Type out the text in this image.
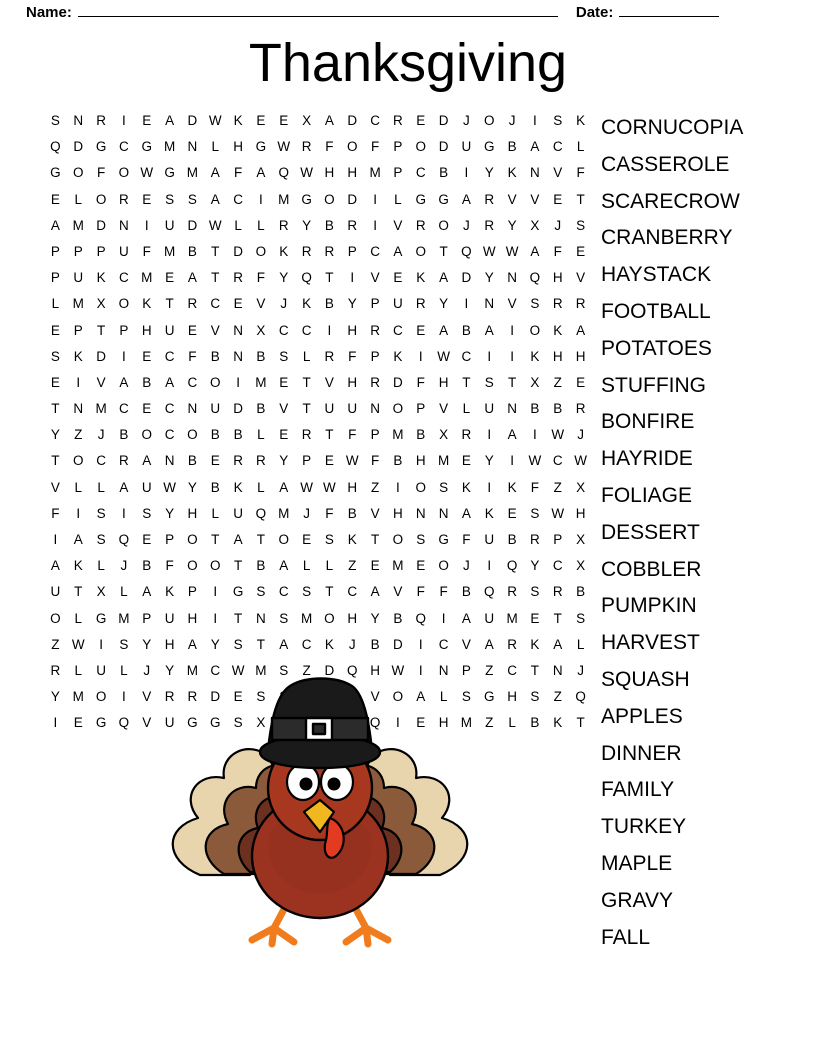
Name:	Date:
Thanksgiving
S N R	I	E	A D W K	E	E	X	A D C R E D	J	O	J	I	S	K
Q D G C G M N	L	H G W R	F O F	P O D U G B	A C	L
G O F O W G M A	F	A Q W H H M P C B	I	Y	K N V	F
E	L	O R E	S	S	A C	I	M G O D	I	L	G G A R V	V	E	T
A M D N	I	U D W L	L	R Y	B R	I	V R O	J	R Y	X	J	S
P	P	P U	F M B	T	D O K R R P C A O T Q W W A	F	E
P U K C M E	A	T	R	F	Y Q T	I	V	E	K	A D Y N Q H V
L M X O K	T	R C E	V	J	K	B	Y	P U R Y	I	N V	S R R
E	P	T	P H U E	V N X C C	I	H R C E	A	B	A	I	O K	A
S	K D	I	E C	F	B N B	S	L	R	F	P	K	I	W C	I	I	K H H
E	I	V	A	B	A C O	I	M E	T	V H R D	F	H	T	S	T	X	Z	E
T	N M C E C N U D B	V	T	U U N O P	V	L	U N B	B R
Y	Z	J	B O C O B	B	L	E R	T	F	P M B	X R	I	A	I	W J
T O C R A N B	E R R Y	P	E W F	B H M E	Y	I	W C W
V	L	L	A U W Y	B	K	L	A W W H	Z	I	O S	K	I	K	F	Z	X
F	I	S	I	S	Y H	L	U Q M	J	F	B	V H N N A	K	E	S W H
I	A	S Q E	P O T	A	T O E	S	K	T O S G F	U B R P	X
A	K	L	J	B	F O O T	B	A	L	L	Z	E M E O	J	I	Q Y C X
U	T	X	L	A	K	P	I	G S C S	T	C A	V	F	F	B Q R S R B
O	L	G M P U H	I	T	N S M O H Y	B Q	I	A U M E	T	S
Z W	I	S	Y H A	Y	S	T	A C K	J	B D	I	C V	A R K	A	L
R	L	U	L	J	Y M C W M S	Z	D Q H W	I	N P	Z	C	T	N	J
Y M O	I	V R R D E	S	V O A	L	S G H S	Z Q
I	E G Q V U G G S	X	Q	I	E H M Z	L	B	K	T
CORNUCOPIA
CASSEROLE
SCARECROW
CRANBERRY
HAYSTACK
FOOTBALL
POTATOES
STUFFING
BONFIRE
HAYRIDE
FOLIAGE
DESSERT
COBBLER
PUMPKIN
HARVEST
SQUASH
APPLES
DINNER
FAMILY
TURKEY
MAPLE
GRAVY
FALL
